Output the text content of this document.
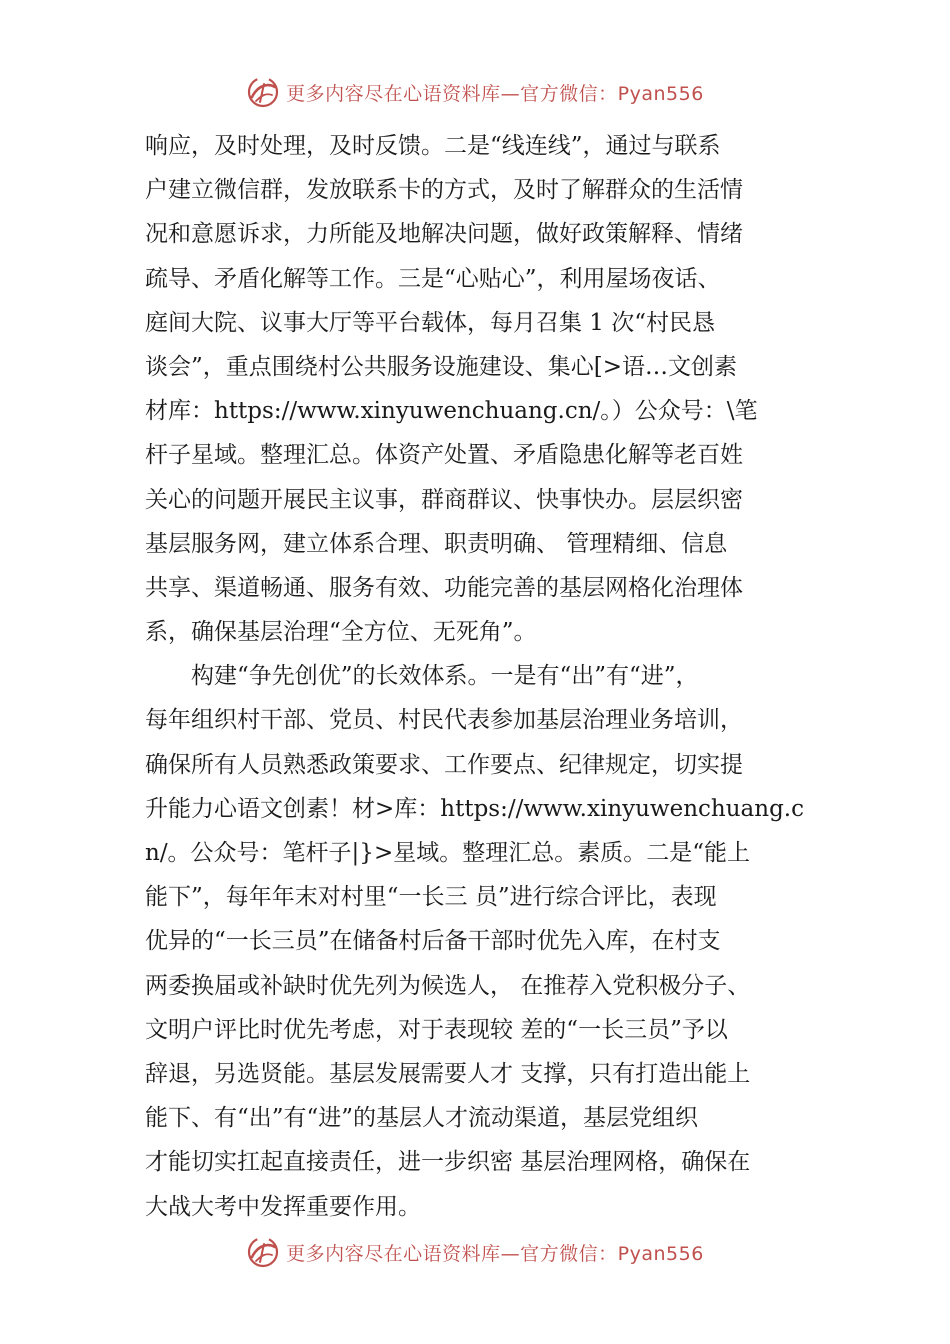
更多内容尽在心语资料库—官方微信：Pyan556
响应，及时处理，及时反馈。二是“线连线”，通过与联系
户建立微信群，发放联系卡的方式，及时了解群众的生活情
况和意愿诉求，力所能及地解决问题，做好政策解释、情绪
疏导、矛盾化解等工作。三是“心贴心”，利用屋场夜话、
庭间大院、议事大厅等平台载体，每月召集 1 次“村民恳
谈会”，重点围绕村公共服务设施建设、集心[>语…文创素
材库：https://www.xinyuwenchuang.cn/。）公众号：\笔
杆子星域。整理汇总。体资产处置、矛盾隐患化解等老百姓
关心的问题开展民主议事，群商群议、快事快办。层层织密
基层服务网，建立体系合理、职责明确、 管理精细、信息
共享、渠道畅通、服务有效、功能完善的基层网格化治理体
系，确保基层治理“全方位、无死角”。
构建“争先创优”的长效体系。一是有“出”有“进”，
每年组织村干部、党员、村民代表参加基层治理业务培训，
确保所有人员熟悉政策要求、工作要点、纪律规定，切实提
升能力心语文创素！材>库：https://www.xinyuwenchuang.c
n/。公众号：笔杆子|}>星域。整理汇总。素质。二是“能上
能下”，每年年末对村里“一长三 员”进行综合评比，表现
优异的“一长三员”在储备村后备干部时优先入库，在村支
两委换届或补缺时优先列为候选人， 在推荐入党积极分子、
文明户评比时优先考虑，对于表现较 差的“一长三员”予以
辞退，另选贤能。基层发展需要人才 支撑，只有打造出能上
能下、有“出”有“进”的基层人才流动渠道，基层党组织
才能切实扛起直接责任，进一步织密 基层治理网格，确保在
大战大考中发挥重要作用。
更多内容尽在心语资料库—官方微信：Pyan556
